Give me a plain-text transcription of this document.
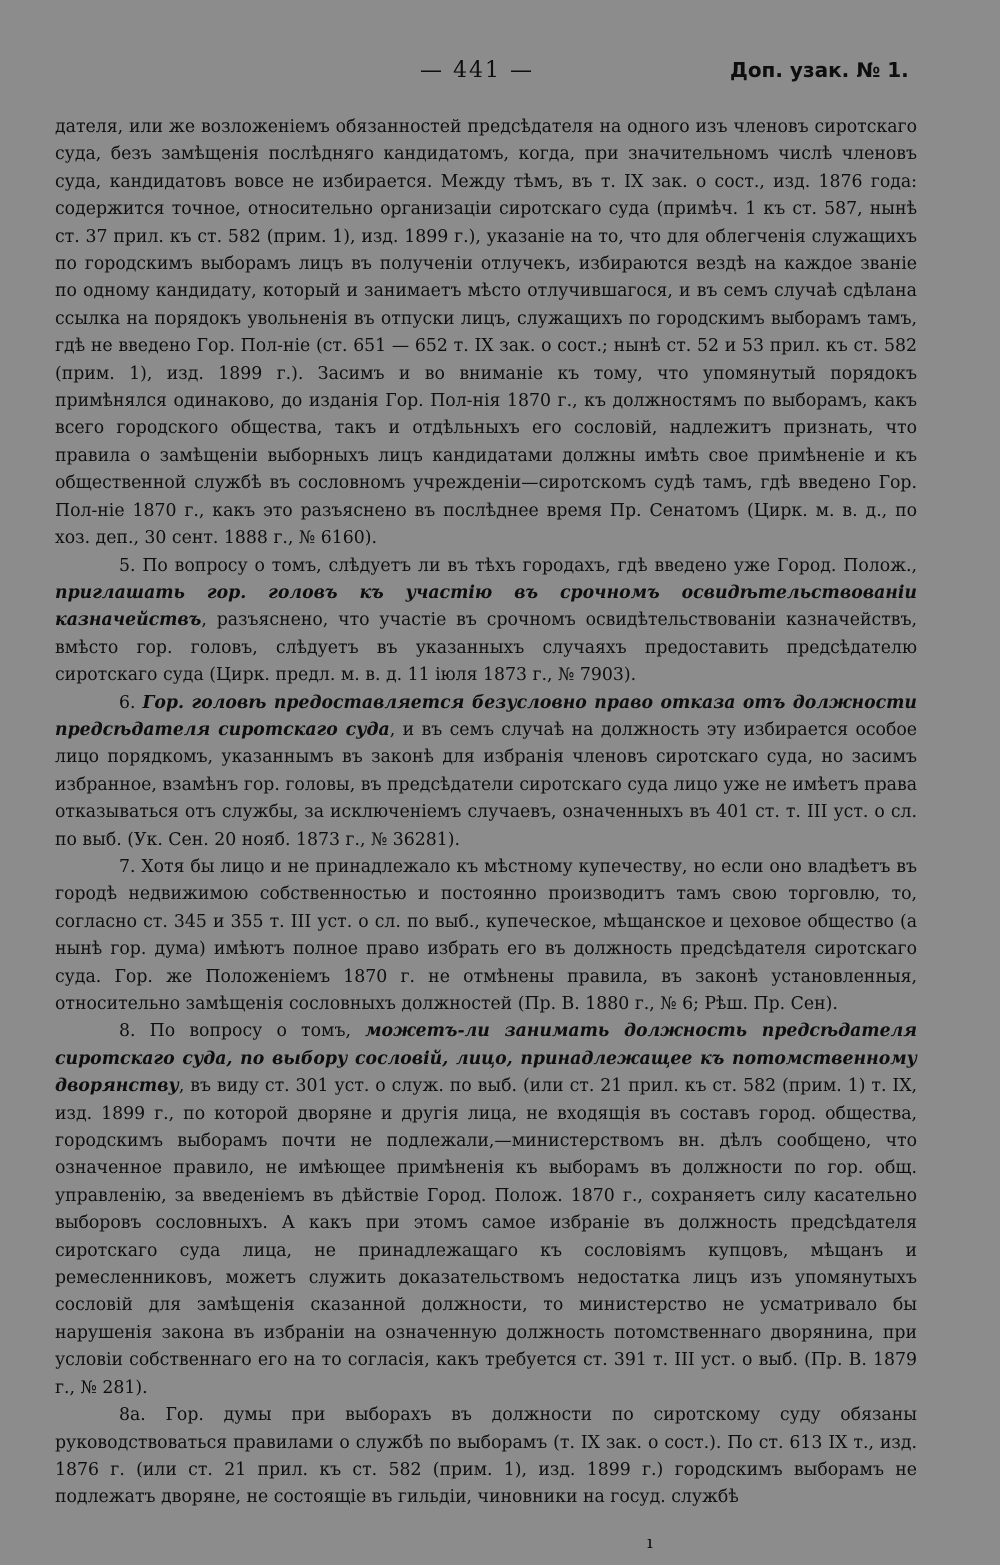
— 441 —	Доп. узак. № 1.

дателя, или же возложеніемъ обязанностей предсѣдателя на одного изъ членовъ сиротскаго суда, безъ замѣщенія послѣдняго кандидатомъ, когда, при значительномъ числѣ членовъ суда, кандидатовъ вовсе не избирается. Между тѣмъ, въ т. IX зак. о сост., изд. 1876 года: содержится точное, относительно организаціи сиротскаго суда (примѣч. 1 къ ст. 587, нынѣ ст. 37 прил. къ ст. 582 (прим. 1), изд. 1899 г.), указаніе на то, что для облегченія служащихъ по городскимъ выборамъ лицъ въ полученіи отлучекъ, избираются вездѣ на каждое званіе по одному кандидату, который и занимаетъ мѣсто отлучившагося, и въ семъ случаѣ сдѣлана ссылка на порядокъ увольненія въ отпуски лицъ, служащихъ по городскимъ выборамъ тамъ, гдѣ не введено Гор. Пол-ніе (ст. 651 — 652 т. IX зак. о сост.; нынѣ ст. 52 и 53 прил. къ ст. 582 (прим. 1), изд. 1899 г.). Засимъ и во вниманіе къ тому, что упомянутый порядокъ примѣнялся одинаково, до изданія Гор. Пол-нія 1870 г., къ должностямъ по выборамъ, какъ всего городского общества, такъ и отдѣльныхъ его сословій, надлежитъ признать, что правила о замѣщеніи выборныхъ лицъ кандидатами должны имѣть свое примѣненіе и къ общественной службѣ въ сословномъ учрежденіи—сиротскомъ судѣ тамъ, гдѣ введено Гор. Пол-ніе 1870 г., какъ это разъяснено въ послѣднее время Пр. Сенатомъ (Цирк. м. в. д., по хоз. деп., 30 сент. 1888 г., № 6160).

5. По вопросу о томъ, слѣдуетъ ли въ тѣхъ городахъ, гдѣ введено уже Город. Полож., приглашать гор. головъ къ участію въ срочномъ освидѣтельствованіи казначействъ, разъяснено, что участіе въ срочномъ освидѣтельствованіи казначействъ, вмѣсто гор. головъ, слѣдуетъ въ указанныхъ случаяхъ предоставить предсѣдателю сиротскаго суда (Цирк. предл. м. в. д. 11 іюля 1873 г., № 7903).

6. Гор. головѣ предоставляется безусловно право отказа отъ должности предсѣдателя сиротскаго суда, и въ семъ случаѣ на должность эту избирается особое лицо порядкомъ, указаннымъ въ законѣ для избранія членовъ сиротскаго суда, но засимъ избранное, взамѣнъ гор. головы, въ предсѣдатели сиротскаго суда лицо уже не имѣетъ права отказываться отъ службы, за исключеніемъ случаевъ, означенныхъ въ 401 ст. т. III уст. о сл. по выб. (Ук. Сен. 20 нояб. 1873 г., № 36281).

7. Хотя бы лицо и не принадлежало къ мѣстному купечеству, но если оно владѣетъ въ городѣ недвижимою собственностью и постоянно производитъ тамъ свою торговлю, то, согласно ст. 345 и 355 т. III уст. о сл. по выб., купеческое, мѣщанское и цеховое общество (а нынѣ гор. дума) имѣютъ полное право избрать его въ должность предсѣдателя сиротскаго суда. Гор. же Положеніемъ 1870 г. не отмѣнены правила, въ законѣ установленныя, относительно замѣщенія сословныхъ должностей (Пр. В. 1880 г., № 6; Рѣш. Пр. Сен).

8. По вопросу о томъ, можетъ-ли занимать должность предсѣдателя сиротскаго суда, по выбору сословій, лицо, принадлежащее къ потомственному дворянству, въ виду ст. 301 уст. о служ. по выб. (или ст. 21 прил. къ ст. 582 (прим. 1) т. IX, изд. 1899 г., по которой дворяне и другія лица, не входящія въ составъ город. общества, городскимъ выборамъ почти не подлежали,—министерствомъ вн. дѣлъ сообщено, что означенное правило, не имѣющее примѣненія къ выборамъ въ должности по гор. общ. управленію, за введеніемъ въ дѣйствіе Город. Полож. 1870 г., сохраняетъ силу касательно выборовъ сословныхъ. А какъ при этомъ самое избраніе въ должность предсѣдателя сиротскаго суда лица, не принадлежащаго къ сословіямъ купцовъ, мѣщанъ и ремесленниковъ, можетъ служить доказательствомъ недостатка лицъ изъ упомянутыхъ сословій для замѣщенія сказанной должности, то министерство не усматривало бы нарушенія закона въ избраніи на означенную должность потомственнаго дворянина, при условіи собственнаго его на то согласія, какъ требуется ст. 391 т. III уст. о выб. (Пр. В. 1879 г., № 281).

8а. Гор. думы при выборахъ въ должности по сиротскому суду обязаны руководствоваться правилами о службѣ по выборамъ (т. IX зак. о сост.). По ст. 613 IX т., изд. 1876 г. (или ст. 21 прил. къ ст. 582 (прим. 1), изд. 1899 г.) городскимъ выборамъ не подлежатъ дворяне, не состоящіе въ гильдіи, чиновники на госуд. службѣ

ı
